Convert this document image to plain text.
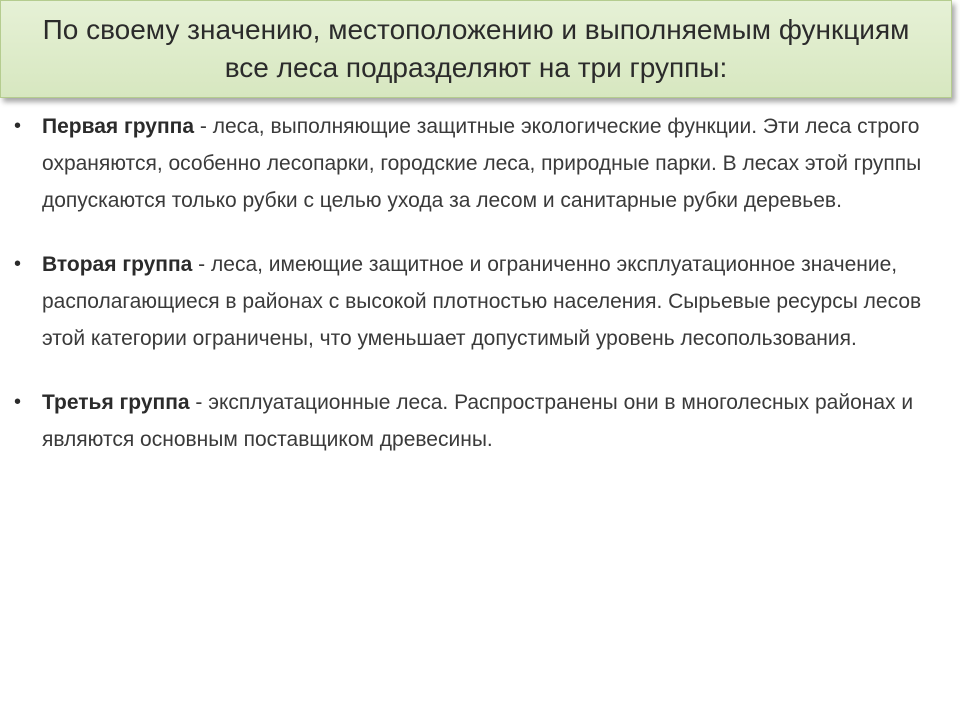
По своему значению, местоположению и выполняемым функциям все леса подразделяют на три группы:

• Первая группа - леса, выполняющие защитные экологические функции. Эти леса строго охраняются, особенно лесопарки, городские леса, природные парки. В лесах этой группы допускаются только рубки с целью ухода за лесом и санитарные рубки деревьев.
• Вторая группа - леса, имеющие защитное и ограниченно эксплуатационное значение, располагающиеся в районах с высокой плотностью населения. Сырьевые ресурсы лесов этой категории ограничены, что уменьшает допустимый уровень лесопользования.
• Третья группа - эксплуатационные леса. Распространены они в многолесных районах и являются основным поставщиком древесины.
